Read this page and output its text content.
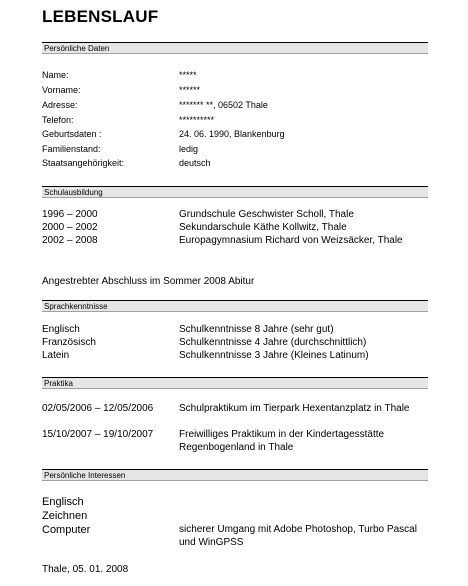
LEBENSLAUF
Persönliche Daten
Name:	*****
Vorname:	******
Adresse:	******* **, 06502 Thale
Telefon:	**********
Geburtsdaten :	24. 06. 1990, Blankenburg
Familienstand:	ledig
Staatsangehörigkeit:	deutsch
Schulausbildung
1996 – 2000	Grundschule Geschwister Scholl, Thale
2000 – 2002	Sekundarschule Käthe Kollwitz, Thale
2002 – 2008	Europagymnasium Richard von Weizsäcker, Thale
Angestrebter Abschluss im Sommer 2008 Abitur
Sprachkenntnisse
Englisch	Schulkenntnisse 8 Jahre (sehr gut)
Französisch	Schulkenntnisse 4 Jahre (durchschnittlich)
Latein	Schulkenntnisse 3 Jahre (Kleines Latinum)
Praktika
02/05/2006 – 12/05/2006	Schulpraktikum im Tierpark Hexentanzplatz in Thale
15/10/2007 – 19/10/2007	Freiwilliges Praktikum in der Kindertagesstätte Regenbogenland in Thale
Persönliche Interessen
Englisch
Zeichnen
Computer	sicherer Umgang mit Adobe Photoshop, Turbo Pascal und WinGPSS
Thale, 05. 01. 2008
